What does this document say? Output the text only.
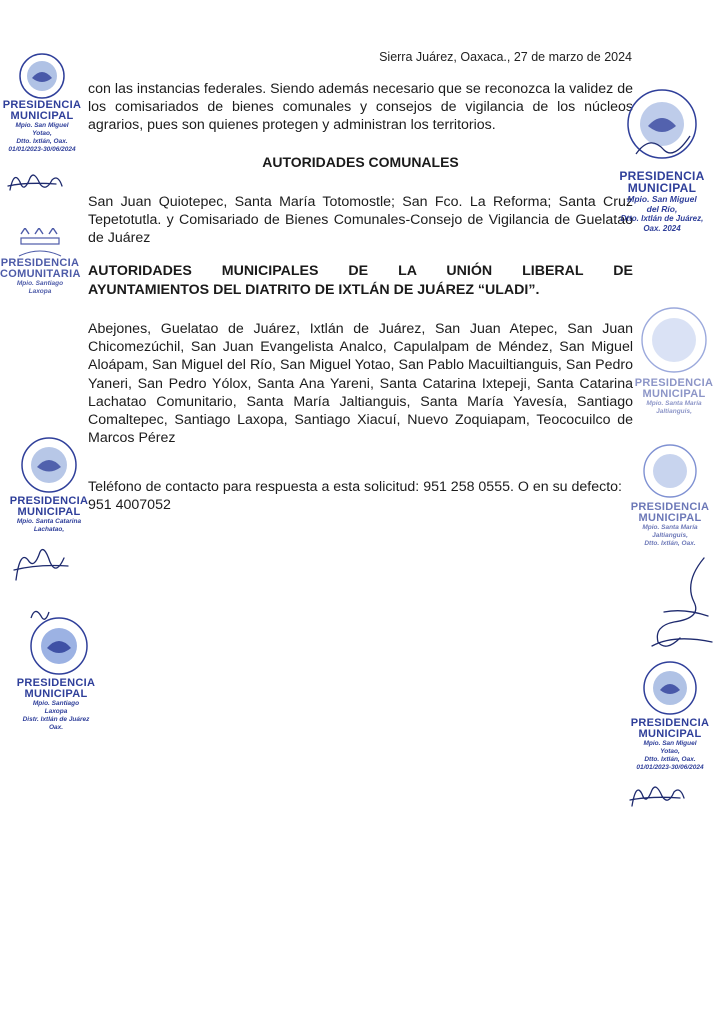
Sierra Juárez, Oaxaca., 27 de marzo de 2024
con las instancias federales. Siendo además necesario que se reconozca la validez de los comisariados de bienes comunales y consejos de vigilancia de los núcleos agrarios, pues son quienes protegen y administran los territorios.
AUTORIDADES COMUNALES
San Juan Quiotepec, Santa María Totomostle; San Fco. La Reforma; Santa Cruz Tepetotutla. y Comisariado de Bienes Comunales-Consejo de Vigilancia de Guelatao de Juárez
AUTORIDADES MUNICIPALES DE LA UNIÓN LIBERAL DE
AYUNTAMIENTOS DEL DIATRITO DE IXTLÁN DE JUÁREZ “ULADI”.
Abejones, Guelatao de Juárez, Ixtlán de Juárez, San Juan Atepec, San Juan Chicomezúchil, San Juan Evangelista Analco, Capulalpam de Méndez, San Miguel Aloápam, San Miguel del Río, San Miguel Yotao, San Pablo Macuiltianguis, San Pedro Yaneri, San Pedro Yólox, Santa Ana Yareni, Santa Catarina Ixtepeji, Santa Catarina Lachatao Comunitario, Santa María Jaltianguis, Santa María Yavesía, Santiago Comaltepec, Santiago Laxopa, Santiago Xiacuí, Nuevo Zoquiapam, Teococuilco de Marcos Pérez
Teléfono de contacto para respuesta a esta solicitud: 951 258 0555. O en su defecto: 951 4007052
PRESIDENCIA
MUNICIPAL
Mpio. San Miguel
Yotao,
Dtto. Ixtlán, Oax.
01/01/2023-30/06/2024
PRESIDENCIA
COMUNITARIA
Mpio. Santiago
Laxopa
PRESIDENCIA
MUNICIPAL
Mpio. Santa Catarina
Lachatao,
PRESIDENCIA
MUNICIPAL
Mpio. Santiago
Laxopa
Distr. Ixtlán de Juárez
Oax.
PRESIDENCIA
MUNICIPAL
Mpio. San Miguel
del Río,
Dtto. Ixtlán de Juárez,
Oax. 2024
PRESIDENCIA
MUNICIPAL
Mpio. Santa María
Jaltianguis,
PRESIDENCIA
MUNICIPAL
Mpio. Santa María
Jaltianguis,
Dtto. Ixtlán, Oax.
PRESIDENCIA
MUNICIPAL
Mpio. San Miguel
Yotao,
Dtto. Ixtlán, Oax.
01/01/2023-30/06/2024
